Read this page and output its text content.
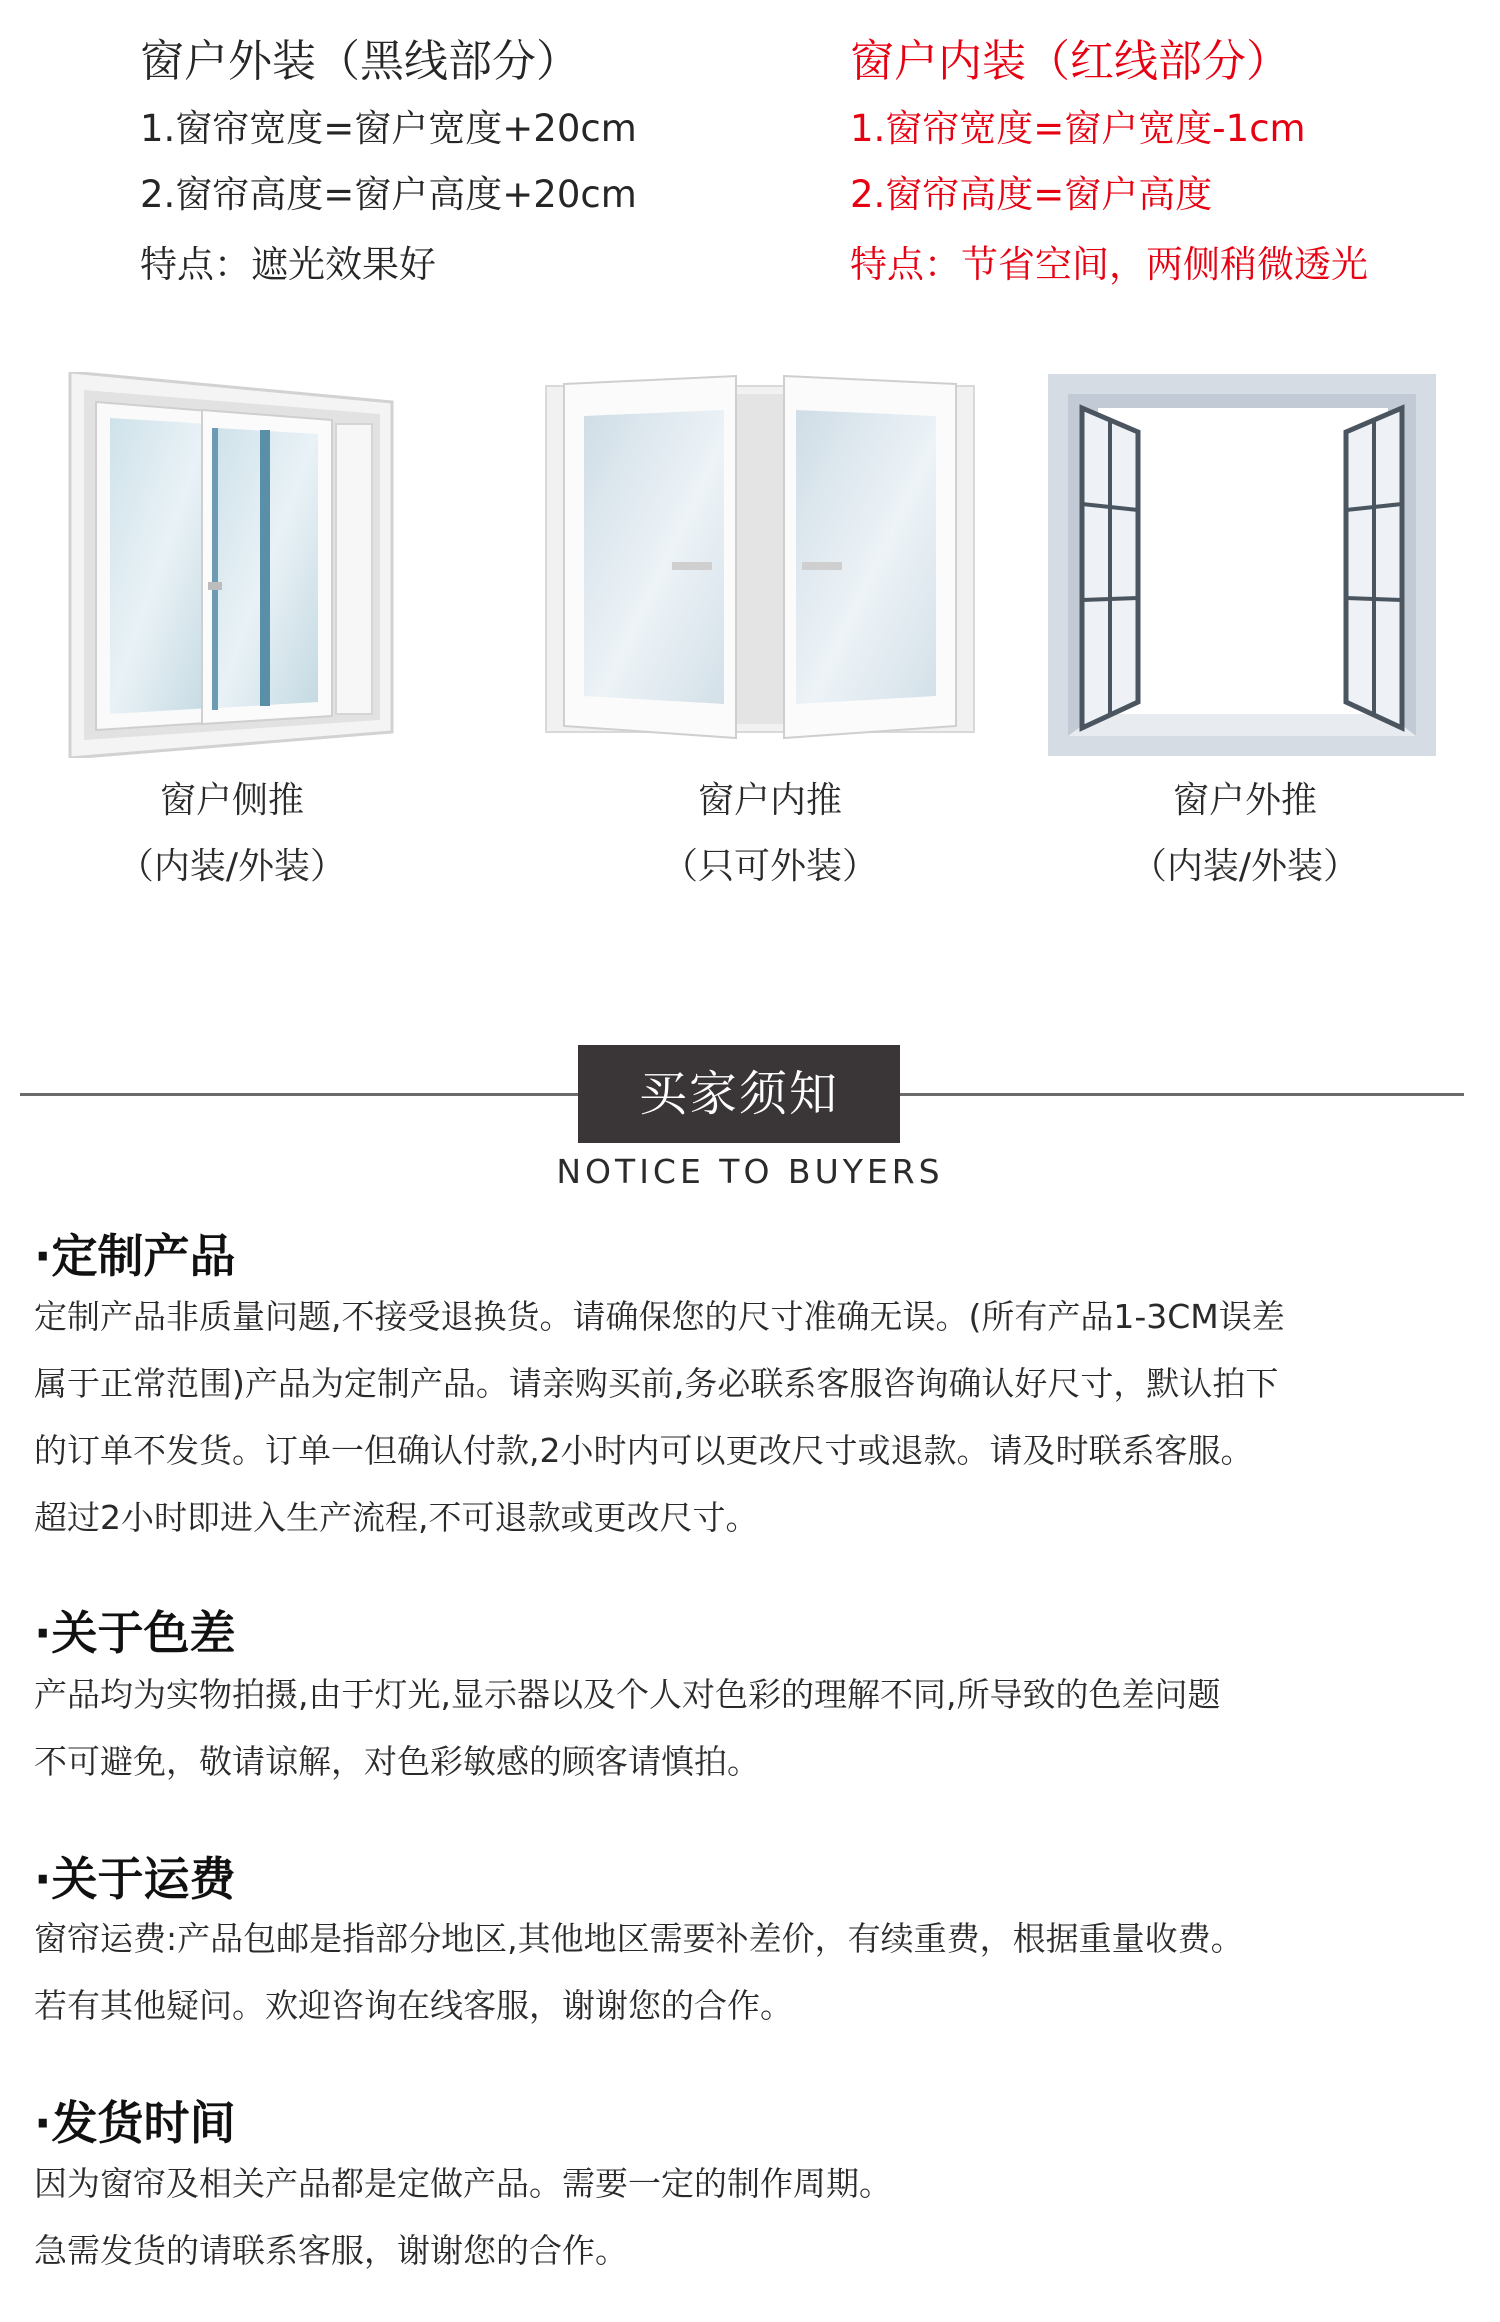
窗户外装（黑线部分）
1.窗帘宽度=窗户宽度+20cm
2.窗帘高度=窗户高度+20cm
特点：遮光效果好
窗户内装（红线部分）
1.窗帘宽度=窗户宽度-1cm
2.窗帘高度=窗户高度
特点：节省空间，两侧稍微透光
窗户侧推
（内装/外装）
窗户内推
（只可外装）
窗户外推
（内装/外装）
买家须知
NOTICE TO BUYERS
·定制产品
定制产品非质量问题,不接受退换货。请确保您的尺寸准确无误。(所有产品1-3CM误差
属于正常范围)产品为定制产品。请亲购买前,务必联系客服咨询确认好尺寸，默认拍下
的订单不发货。订单一但确认付款,2小时内可以更改尺寸或退款。请及时联系客服。
超过2小时即进入生产流程,不可退款或更改尺寸。
·关于色差
产品均为实物拍摄,由于灯光,显示器以及个人对色彩的理解不同,所导致的色差问题
不可避免，敬请谅解，对色彩敏感的顾客请慎拍。
·关于运费
窗帘运费:产品包邮是指部分地区,其他地区需要补差价，有续重费，根据重量收费。
若有其他疑问。欢迎咨询在线客服，谢谢您的合作。
·发货时间
因为窗帘及相关产品都是定做产品。需要一定的制作周期。
急需发货的请联系客服，谢谢您的合作。
